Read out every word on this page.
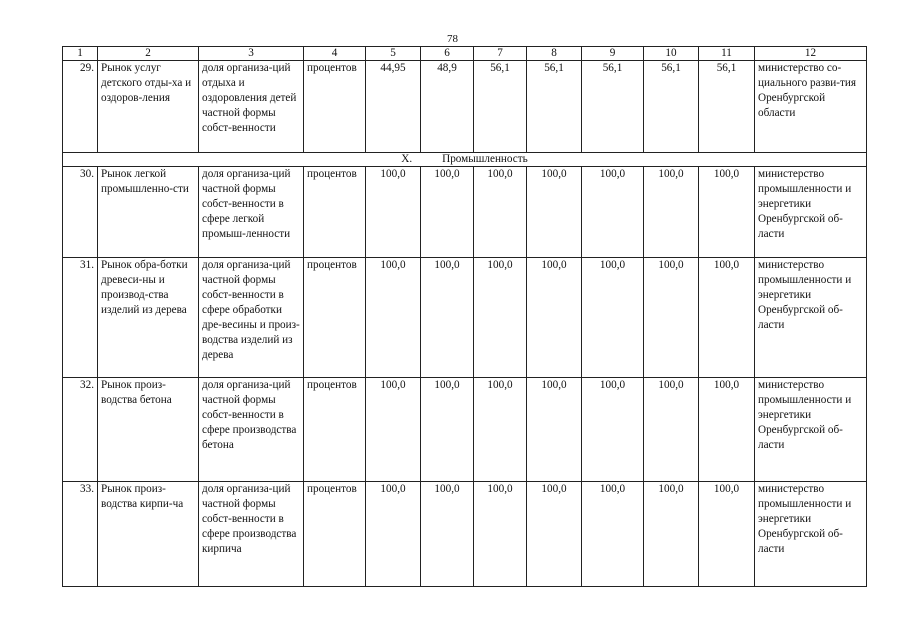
78
1	2	3	4	5	6	7	8	9	10	11	12
29.	Рынок услуг детского отды-ха и оздоров-ления	доля организа-ций отдыха и оздоровления детей частной формы собст-венности	процентов	44,95	48,9	56,1	56,1	56,1	56,1	56,1	министерство со-циального разви-тия Оренбургской области
X. Промышленность											
30.	Рынок легкой промышленно-сти	доля организа-ций частной формы собст-венности в сфере легкой промыш-ленности	процентов	100,0	100,0	100,0	100,0	100,0	100,0	100,0	министерство промышленности и энергетики Оренбургской об-ласти
31.	Рынок обра-ботки древеси-ны и производ-ства изделий из дерева	доля организа-ций частной формы собст-венности в сфере обработки дре-весины и произ-водства изделий из дерева	процентов	100,0	100,0	100,0	100,0	100,0	100,0	100,0	министерство промышленности и энергетики Оренбургской об-ласти
32.	Рынок произ-водства бетона	доля организа-ций частной формы собст-венности в сфере производства бетона	процентов	100,0	100,0	100,0	100,0	100,0	100,0	100,0	министерство промышленности и энергетики Оренбургской об-ласти
33.	Рынок произ-водства кирпи-ча	доля организа-ций частной формы собст-венности в сфере производства кирпича	процентов	100,0	100,0	100,0	100,0	100,0	100,0	100,0	министерство промышленности и энергетики Оренбургской об-ласти
